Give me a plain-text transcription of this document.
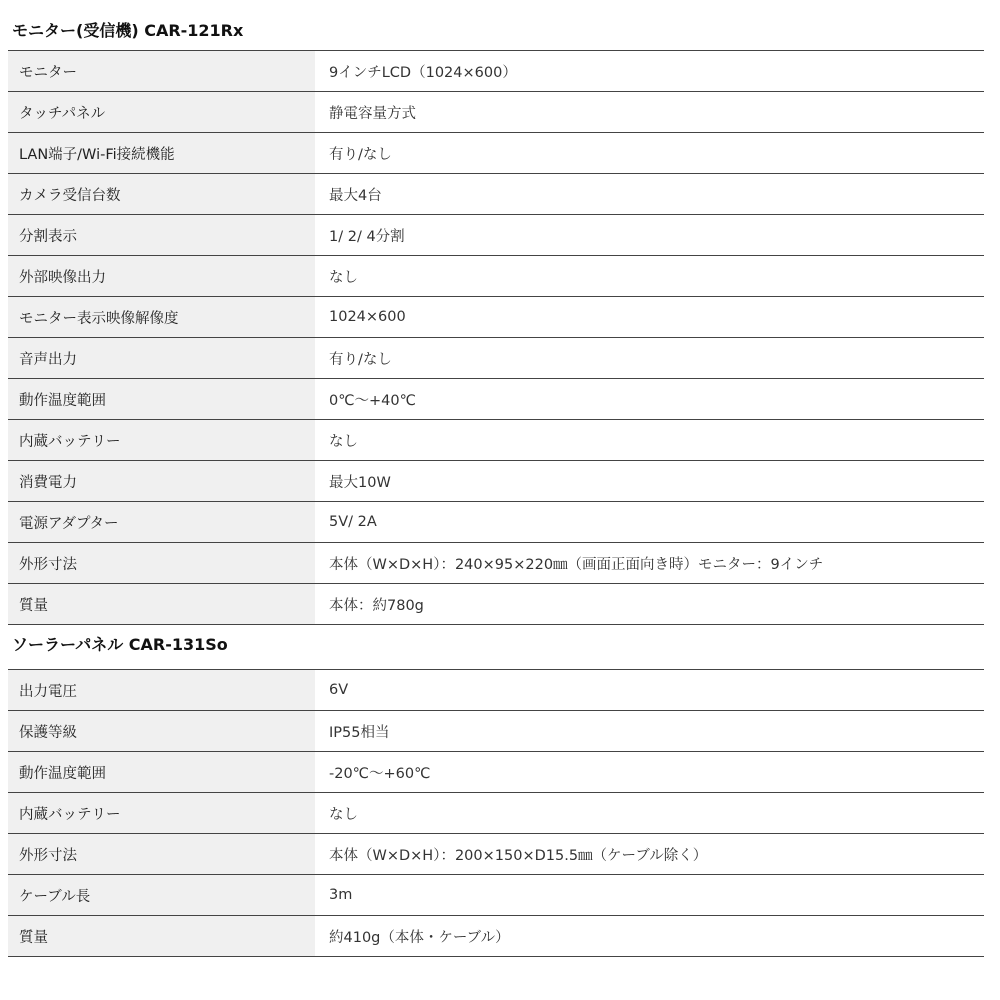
モニター(受信機) CAR-121Rx
モニター	9インチLCD（1024×600）
タッチパネル	静電容量方式
LAN端子/Wi-Fi接続機能	有り/なし
カメラ受信台数	最大4台
分割表示	1/ 2/ 4分割
外部映像出力	なし
モニター表示映像解像度	1024×600
音声出力	有り/なし
動作温度範囲	0℃～+40℃
内蔵バッテリー	なし
消費電力	最大10W
電源アダプター	5V/ 2A
外形寸法	本体（W×D×H）：240×95×220㎜（画面正面向き時）モニター：9インチ
質量	本体：約780g
ソーラーパネル CAR-131So
出力電圧	6V
保護等級	IP55相当
動作温度範囲	-20℃～+60℃
内蔵バッテリー	なし
外形寸法	本体（W×D×H）：200×150×D15.5㎜（ケーブル除く）
ケーブル長	3m
質量	約410g（本体・ケーブル）
